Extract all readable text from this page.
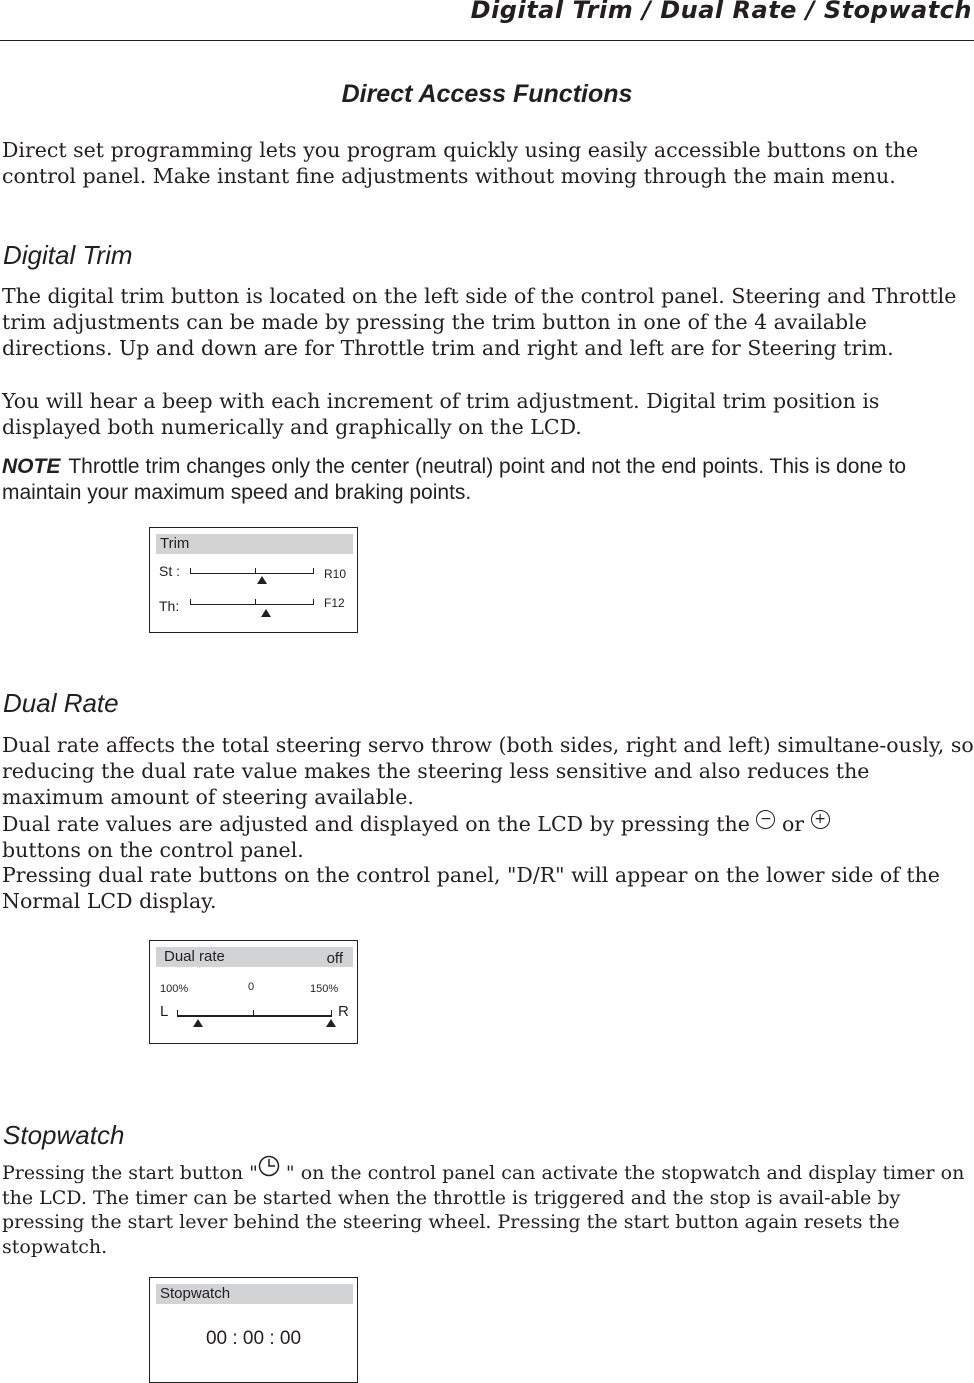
Digital Trim / Dual Rate / Stopwatch
Direct Access Functions
Direct set programming lets you program quickly using easily accessible buttons on the control panel. Make instant fine adjustments without moving through the main menu.
Digital Trim
The digital trim button is located on the left side of the control panel. Steering and Throttle trim adjustments can be made by pressing the trim button in one of the 4 available directions. Up and down are for Throttle trim and right and left are for Steering trim.
You will hear a beep with each increment of trim adjustment. Digital trim position is displayed both numerically and graphically on the LCD.
NOTE Throttle trim changes only the center (neutral) point and not the end points. This is done to maintain your maximum speed and braking points.
Trim
St :	R10
Th:	F12
Dual Rate
Dual rate affects the total steering servo throw (both sides, right and left) simultane-ously, so reducing the dual rate value makes the steering less sensitive and also reduces the maximum amount of steering available.
Dual rate values are adjusted and displayed on the LCD by pressing the − or +
buttons on the control panel.
Pressing dual rate buttons on the control panel, "D/R" will appear on the lower side of the Normal LCD display.
Dual rate	off
100%	0	150%
L	R
Stopwatch
Pressing the start button " " on the control panel can activate the stopwatch and display timer on the LCD. The timer can be started when the throttle is triggered and the stop is avail-able by pressing the start lever behind the steering wheel. Pressing the start button again resets the stopwatch.
Stopwatch
00 : 00 : 00
